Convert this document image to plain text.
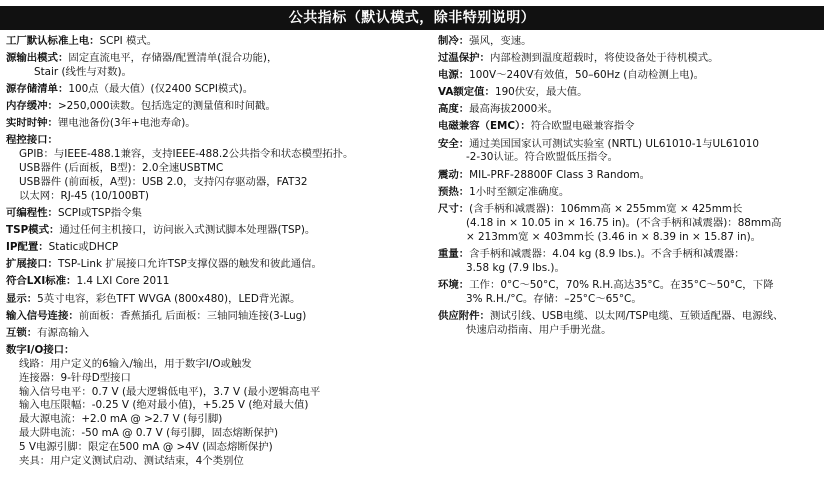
公共指标（默认模式，除非特别说明）
工厂默认标准上电：SCPI 模式。
源输出模式：固定直流电平，存储器/配置清单(混合功能)，
Stair (线性与对数)。
源存储清单：100点（最大值）(仅2400 SCPI模式)。
内存缓冲：>250,000读数。包括选定的测量值和时间戳。
实时时钟：锂电池备份(3年+电池寿命)。
程控接口：
GPIB：与IEEE-488.1兼容，支持IEEE-488.2公共指令和状态模型拓扑。
USB器件 (后面板，B型)：2.0全速USBTMC
USB器件 (前面板，A型)：USB 2.0，支持闪存驱动器，FAT32
以太网：RJ-45 (10/100BT)
可编程性：SCPI或TSP指令集
TSP模式：通过任何主机接口，访问嵌入式测试脚本处理器(TSP)。
IP配置：Static或DHCP
扩展接口：TSP-Link 扩展接口允许TSP支撑仪器的触发和彼此通信。
符合LXI标准：1.4 LXI Core 2011
显示：5英寸电容，彩色TFT WVGA (800x480)，LED背光源。
输入信号连接：前面板：香蕉插孔 后面板：三轴同轴连接(3-Lug)
互锁：有源高输入
数字I/O接口：
线路：用户定义的6输入/输出，用于数字I/O或触发
连接器：9-针母D型接口
输入信号电平：0.7 V (最大逻辑低电平)，3.7 V (最小逻辑高电平
输入电压限幅：-0.25 V (绝对最小值)，+5.25 V (绝对最大值)
最大源电流：+2.0 mA @ >2.7 V (每引脚)
最大阱电流：-50 mA @ 0.7 V (每引脚，固态熔断保护)
5 V电源引脚：限定在500 mA @ >4V (固态熔断保护)
夹具：用户定义测试启动、测试结束，4个类别位
制冷：强风，变速。
过温保护：内部检测到温度超载时，将使设备处于待机模式。
电源：100V～240V有效值，50–60Hz (自动检测上电)。
VA额定值：190伏安，最大值。
高度：最高海拔2000米。
电磁兼容（EMC）：符合欧盟电磁兼容指令
安全：通过美国国家认可测试实验室 (NRTL) UL61010-1与UL61010
-2-30认证。符合欧盟低压指令。
震动：MIL-PRF-28800F Class 3 Random。
预热：1小时至额定准确度。
尺寸：(含手柄和减震器)：106mm高 × 255mm宽 × 425mm长
(4.18 in × 10.05 in × 16.75 in)。(不含手柄和减震器)：88mm高
× 213mm宽 × 403mm长 (3.46 in × 8.39 in × 15.87 in)。
重量：含手柄和减震器：4.04 kg (8.9 lbs.)。不含手柄和减震器：
3.58 kg (7.9 lbs.)。
环境：工作：0°C～50°C，70% R.H.高达35°C。在35°C～50°C，下降
3% R.H./°C。存储：–25°C～65°C。
供应附件：测试引线、USB电缆、以太网/TSP电缆、互锁适配器、电源线、
快速启动指南、用户手册光盘。
